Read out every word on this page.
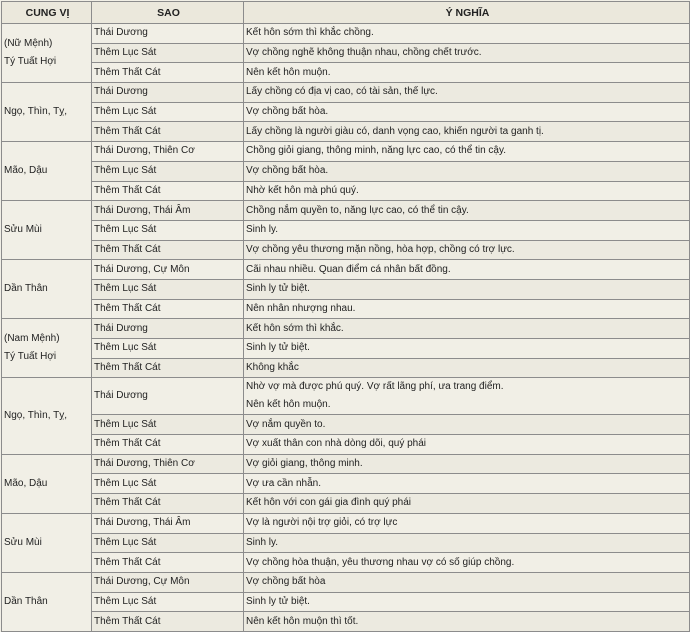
CUNG VỊ	SAO	Ý NGHĨA

(Nữ Mệnh)
Tý Tuất Hợi	Thái Dương	Kết hôn sớm thì khắc chồng.

	Thêm Lục Sát	Vợ chồng nghẽ không thuận nhau, chồng chết trước.

	Thêm Thất Cát	Nên kết hôn muộn.

Ngọ, Thìn, Tỵ,	Thái Dương	Lấy chồng có địa vị cao, có tài sản, thế lực.

	Thêm Lục Sát	Vợ chồng bất hòa.

	Thêm Thất Cát	Lấy chồng là người giàu có, danh vọng cao, khiến người ta ganh tị.

Mão, Dậu	Thái Dương, Thiên Cơ	Chồng giỏi giang, thông minh, năng lực cao, có thể tin cậy.

	Thêm Lục Sát	Vợ chồng bất hòa.

	Thêm Thất Cát	Nhờ kết hôn mà phú quý.

Sửu Mùi	Thái Dương, Thái Âm	Chồng nắm quyền to, năng lực cao, có thể tin cậy.

	Thêm Lục Sát	Sinh ly.

	Thêm Thất Cát	Vợ chồng yêu thương mặn nồng, hòa hợp, chồng có trợ lực.

Dần Thân	Thái Dương, Cự Môn	Cãi nhau nhiều. Quan điểm cá nhân bất đồng.

	Thêm Lục Sát	Sinh ly tử biệt.

	Thêm Thất Cát	Nên nhân nhượng nhau.

(Nam Mệnh)
Tý Tuất Hợi	Thái Dương	Kết hôn sớm thì khắc.

	Thêm Lục Sát	Sinh ly tử biệt.

	Thêm Thất Cát	Không khắc

Ngọ, Thìn, Tỵ,	Thái Dương	Nhờ vợ mà được phú quý. Vợ rất lãng phí, ưa trang điểm.
Nên kết hôn muộn.

	Thêm Lục Sát	Vợ nắm quyền to.

	Thêm Thất Cát	Vợ xuất thân con nhà dòng dõi, quý phái

Mão, Dậu	Thái Dương, Thiên Cơ	Vợ giỏi giang, thông minh.

	Thêm Lục Sát	Vợ ưa cần nhẫn.

	Thêm Thất Cát	Kết hôn với con gái gia đình quý phái

Sửu Mùi	Thái Dương, Thái Âm	Vợ là người nội trợ giỏi, có trợ lực

	Thêm Lục Sát	Sinh ly.

	Thêm Thất Cát	Vợ chồng hòa thuận, yêu thương nhau vợ có số giúp chồng.

Dần Thân	Thái Dương, Cự Môn	Vợ chồng bất hòa

	Thêm Lục Sát	Sinh ly tử biệt.

	Thêm Thất Cát	Nên kết hôn muộn thì tốt.
